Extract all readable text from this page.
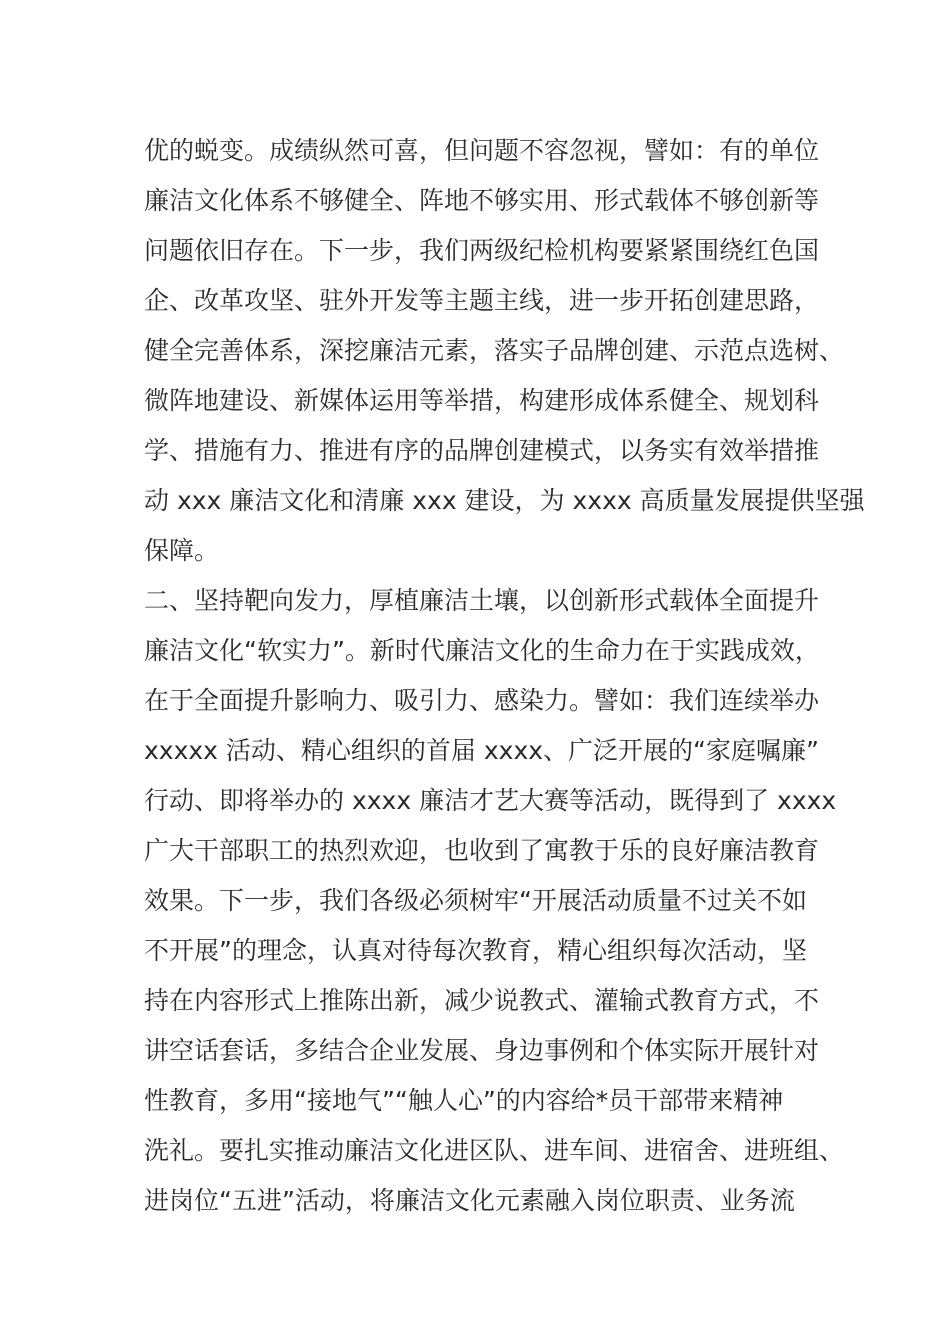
优的蜕变。成绩纵然可喜，但问题不容忽视，譬如：有的单位
廉洁文化体系不够健全、阵地不够实用、形式载体不够创新等
问题依旧存在。下一步，我们两级纪检机构要紧紧围绕红色国
企、改革攻坚、驻外开发等主题主线，进一步开拓创建思路，
健全完善体系，深挖廉洁元素，落实子品牌创建、示范点选树、
微阵地建设、新媒体运用等举措，构建形成体系健全、规划科
学、措施有力、推进有序的品牌创建模式，以务实有效举措推
动 xxx 廉洁文化和清廉 xxx 建设，为 xxxx 高质量发展提供坚强
保障。
二、坚持靶向发力，厚植廉洁土壤，以创新形式载体全面提升
廉洁文化“软实力”。新时代廉洁文化的生命力在于实践成效，
在于全面提升影响力、吸引力、感染力。譬如：我们连续举办
xxxxx 活动、精心组织的首届 xxxx、广泛开展的“家庭嘱廉”
行动、即将举办的 xxxx 廉洁才艺大赛等活动，既得到了 xxxx
广大干部职工的热烈欢迎，也收到了寓教于乐的良好廉洁教育
效果。下一步，我们各级必须树牢“开展活动质量不过关不如
不开展”的理念，认真对待每次教育，精心组织每次活动，坚
持在内容形式上推陈出新，减少说教式、灌输式教育方式，不
讲空话套话，多结合企业发展、身边事例和个体实际开展针对
性教育，多用“接地气”“触人心”的内容给*员干部带来精神
洗礼。要扎实推动廉洁文化进区队、进车间、进宿舍、进班组、
进岗位“五进”活动，将廉洁文化元素融入岗位职责、业务流
